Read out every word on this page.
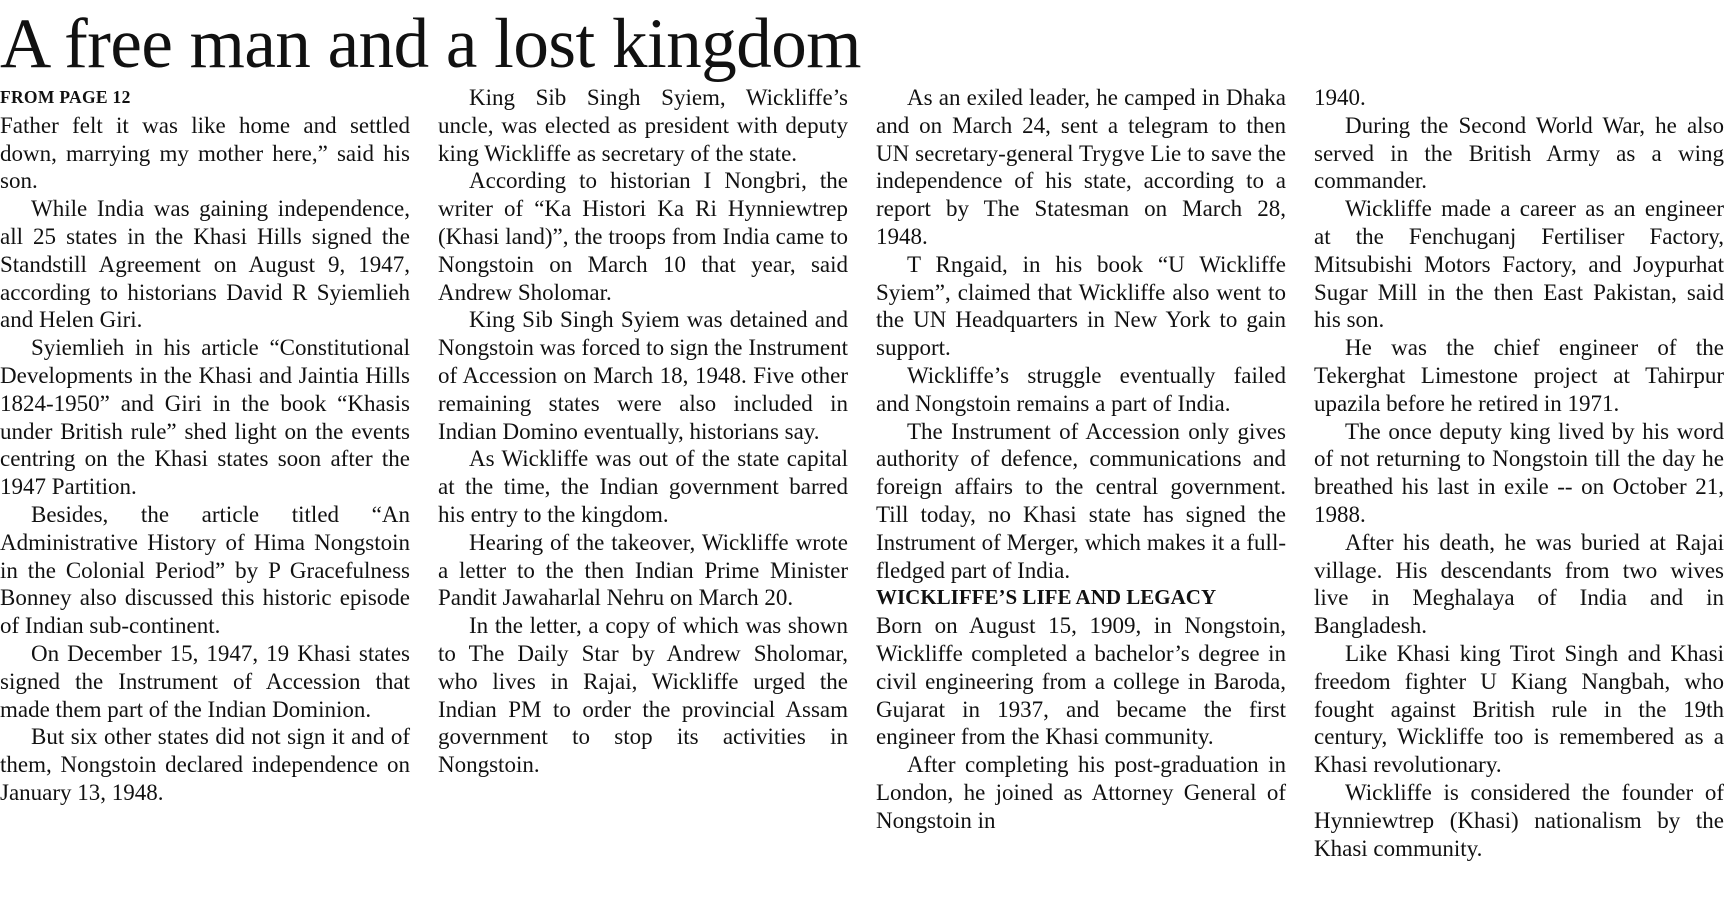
A free man and a lost kingdom
FROM PAGE 12

Father felt it was like home and settled down, marrying my mother here,” said his son.

While India was gaining independence, all 25 states in the Khasi Hills signed the Standstill Agreement on August 9, 1947, according to historians David R Syiemlieh and Helen Giri.

Syiemlieh in his article “Constitutional Developments in the Khasi and Jaintia Hills 1824-1950” and Giri in the book “Khasis under British rule” shed light on the events centring on the Khasi states soon after the 1947 Partition.

Besides, the article titled “An Administrative History of Hima Nongstoin in the Colonial Period” by P Gracefulness Bonney also discussed this historic episode of Indian sub-continent.

On December 15, 1947, 19 Khasi states signed the Instrument of Accession that made them part of the Indian Dominion.

But six other states did not sign it and of them, Nongstoin declared independence on January 13, 1948.

King Sib Singh Syiem, Wickliffe’s uncle, was elected as president with deputy king Wickliffe as secretary of the state.

According to historian I Nongbri, the writer of “Ka Histori Ka Ri Hynniewtrep (Khasi land)”, the troops from India came to Nongstoin on March 10 that year, said Andrew Sholomar.

King Sib Singh Syiem was detained and Nongstoin was forced to sign the Instrument of Accession on March 18, 1948. Five other remaining states were also included in Indian Domino eventually, historians say.

As Wickliffe was out of the state capital at the time, the Indian government barred his entry to the kingdom.

Hearing of the takeover, Wickliffe wrote a letter to the then Indian Prime Minister Pandit Jawaharlal Nehru on March 20.

In the letter, a copy of which was shown to The Daily Star by Andrew Sholomar, who lives in Rajai, Wickliffe urged the Indian PM to order the provincial Assam government to stop its activities in Nongstoin.

As an exiled leader, he camped in Dhaka and on March 24, sent a telegram to then UN secretary-general Trygve Lie to save the independence of his state, according to a report by The Statesman on March 28, 1948.

T Rngaid, in his book “U Wickliffe Syiem”, claimed that Wickliffe also went to the UN Headquarters in New York to gain support.

Wickliffe’s struggle eventually failed and Nongstoin remains a part of India.

The Instrument of Accession only gives authority of defence, communications and foreign affairs to the central government. Till today, no Khasi state has signed the Instrument of Merger, which makes it a full-fledged part of India.

WICKLIFFE’S LIFE AND LEGACY

Born on August 15, 1909, in Nongstoin, Wickliffe completed a bachelor’s degree in civil engineering from a college in Baroda, Gujarat in 1937, and became the first engineer from the Khasi community.

After completing his post-graduation in London, he joined as Attorney General of Nongstoin in

1940.

During the Second World War, he also served in the British Army as a wing commander.

Wickliffe made a career as an engineer at the Fenchuganj Fertiliser Factory, Mitsubishi Motors Factory, and Joypurhat Sugar Mill in the then East Pakistan, said his son.

He was the chief engineer of the Tekerghat Limestone project at Tahirpur upazila before he retired in 1971.

The once deputy king lived by his word of not returning to Nongstoin till the day he breathed his last in exile -- on October 21, 1988.

After his death, he was buried at Rajai village. His descendants from two wives live in Meghalaya of India and in Bangladesh.

Like Khasi king Tirot Singh and Khasi freedom fighter U Kiang Nangbah, who fought against British rule in the 19th century, Wickliffe too is remembered as a Khasi revolutionary.

Wickliffe is considered the founder of Hynniewtrep (Khasi) nationalism by the Khasi community.
